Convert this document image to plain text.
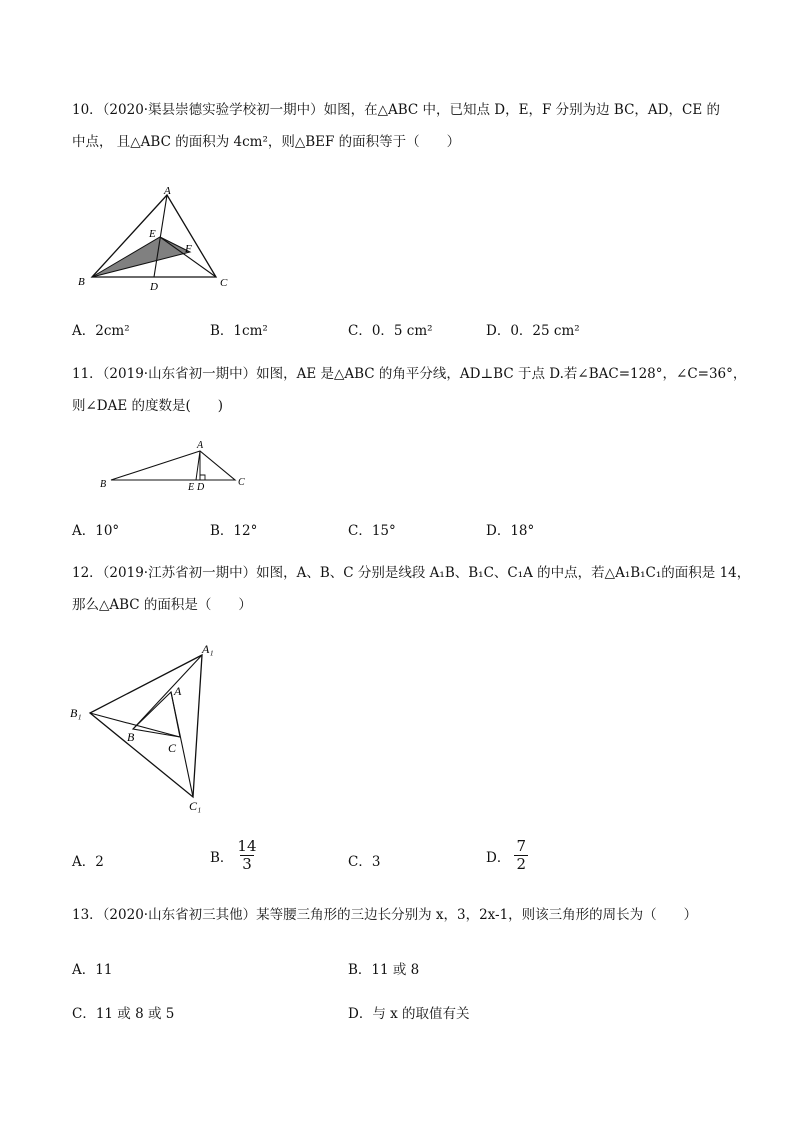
10．（2020·渠县崇德实验学校初一期中）如图，在△ABC 中，已知点 D，E，F 分别为边 BC，AD，CE 的
中点， 且△ABC 的面积为 4cm²，则△BEF 的面积等于（　　）
A
B	C
D
E
F
A．2cm²	B．1cm²	C．0．5 cm²	D．0．25 cm²
11．（2019·山东省初一期中）如图，AE 是△ABC 的角平分线，AD⊥BC 于点 D.若∠BAC=128°，∠C=36°，
则∠DAE 的度数是(　　)
A
B	C
E D
A．10°	B．12°	C．15°	D．18°
12．（2019·江苏省初一期中）如图，A、B、C 分别是线段 A₁B、B₁C、C₁A 的中点，若△A₁B₁C₁的面积是 14，
那么△ABC 的面积是（　　）
A₁
B₁
C₁
A
B
C
A．2	B． $\frac{14}{3}$	C．3	D． $\frac{7}{2}$
13．（2020·山东省初三其他）某等腰三角形的三边长分别为 x，3，2x-1，则该三角形的周长为（　　）
A．11	B．11 或 8
C．11 或 8 或 5	D．与 x 的取值有关
